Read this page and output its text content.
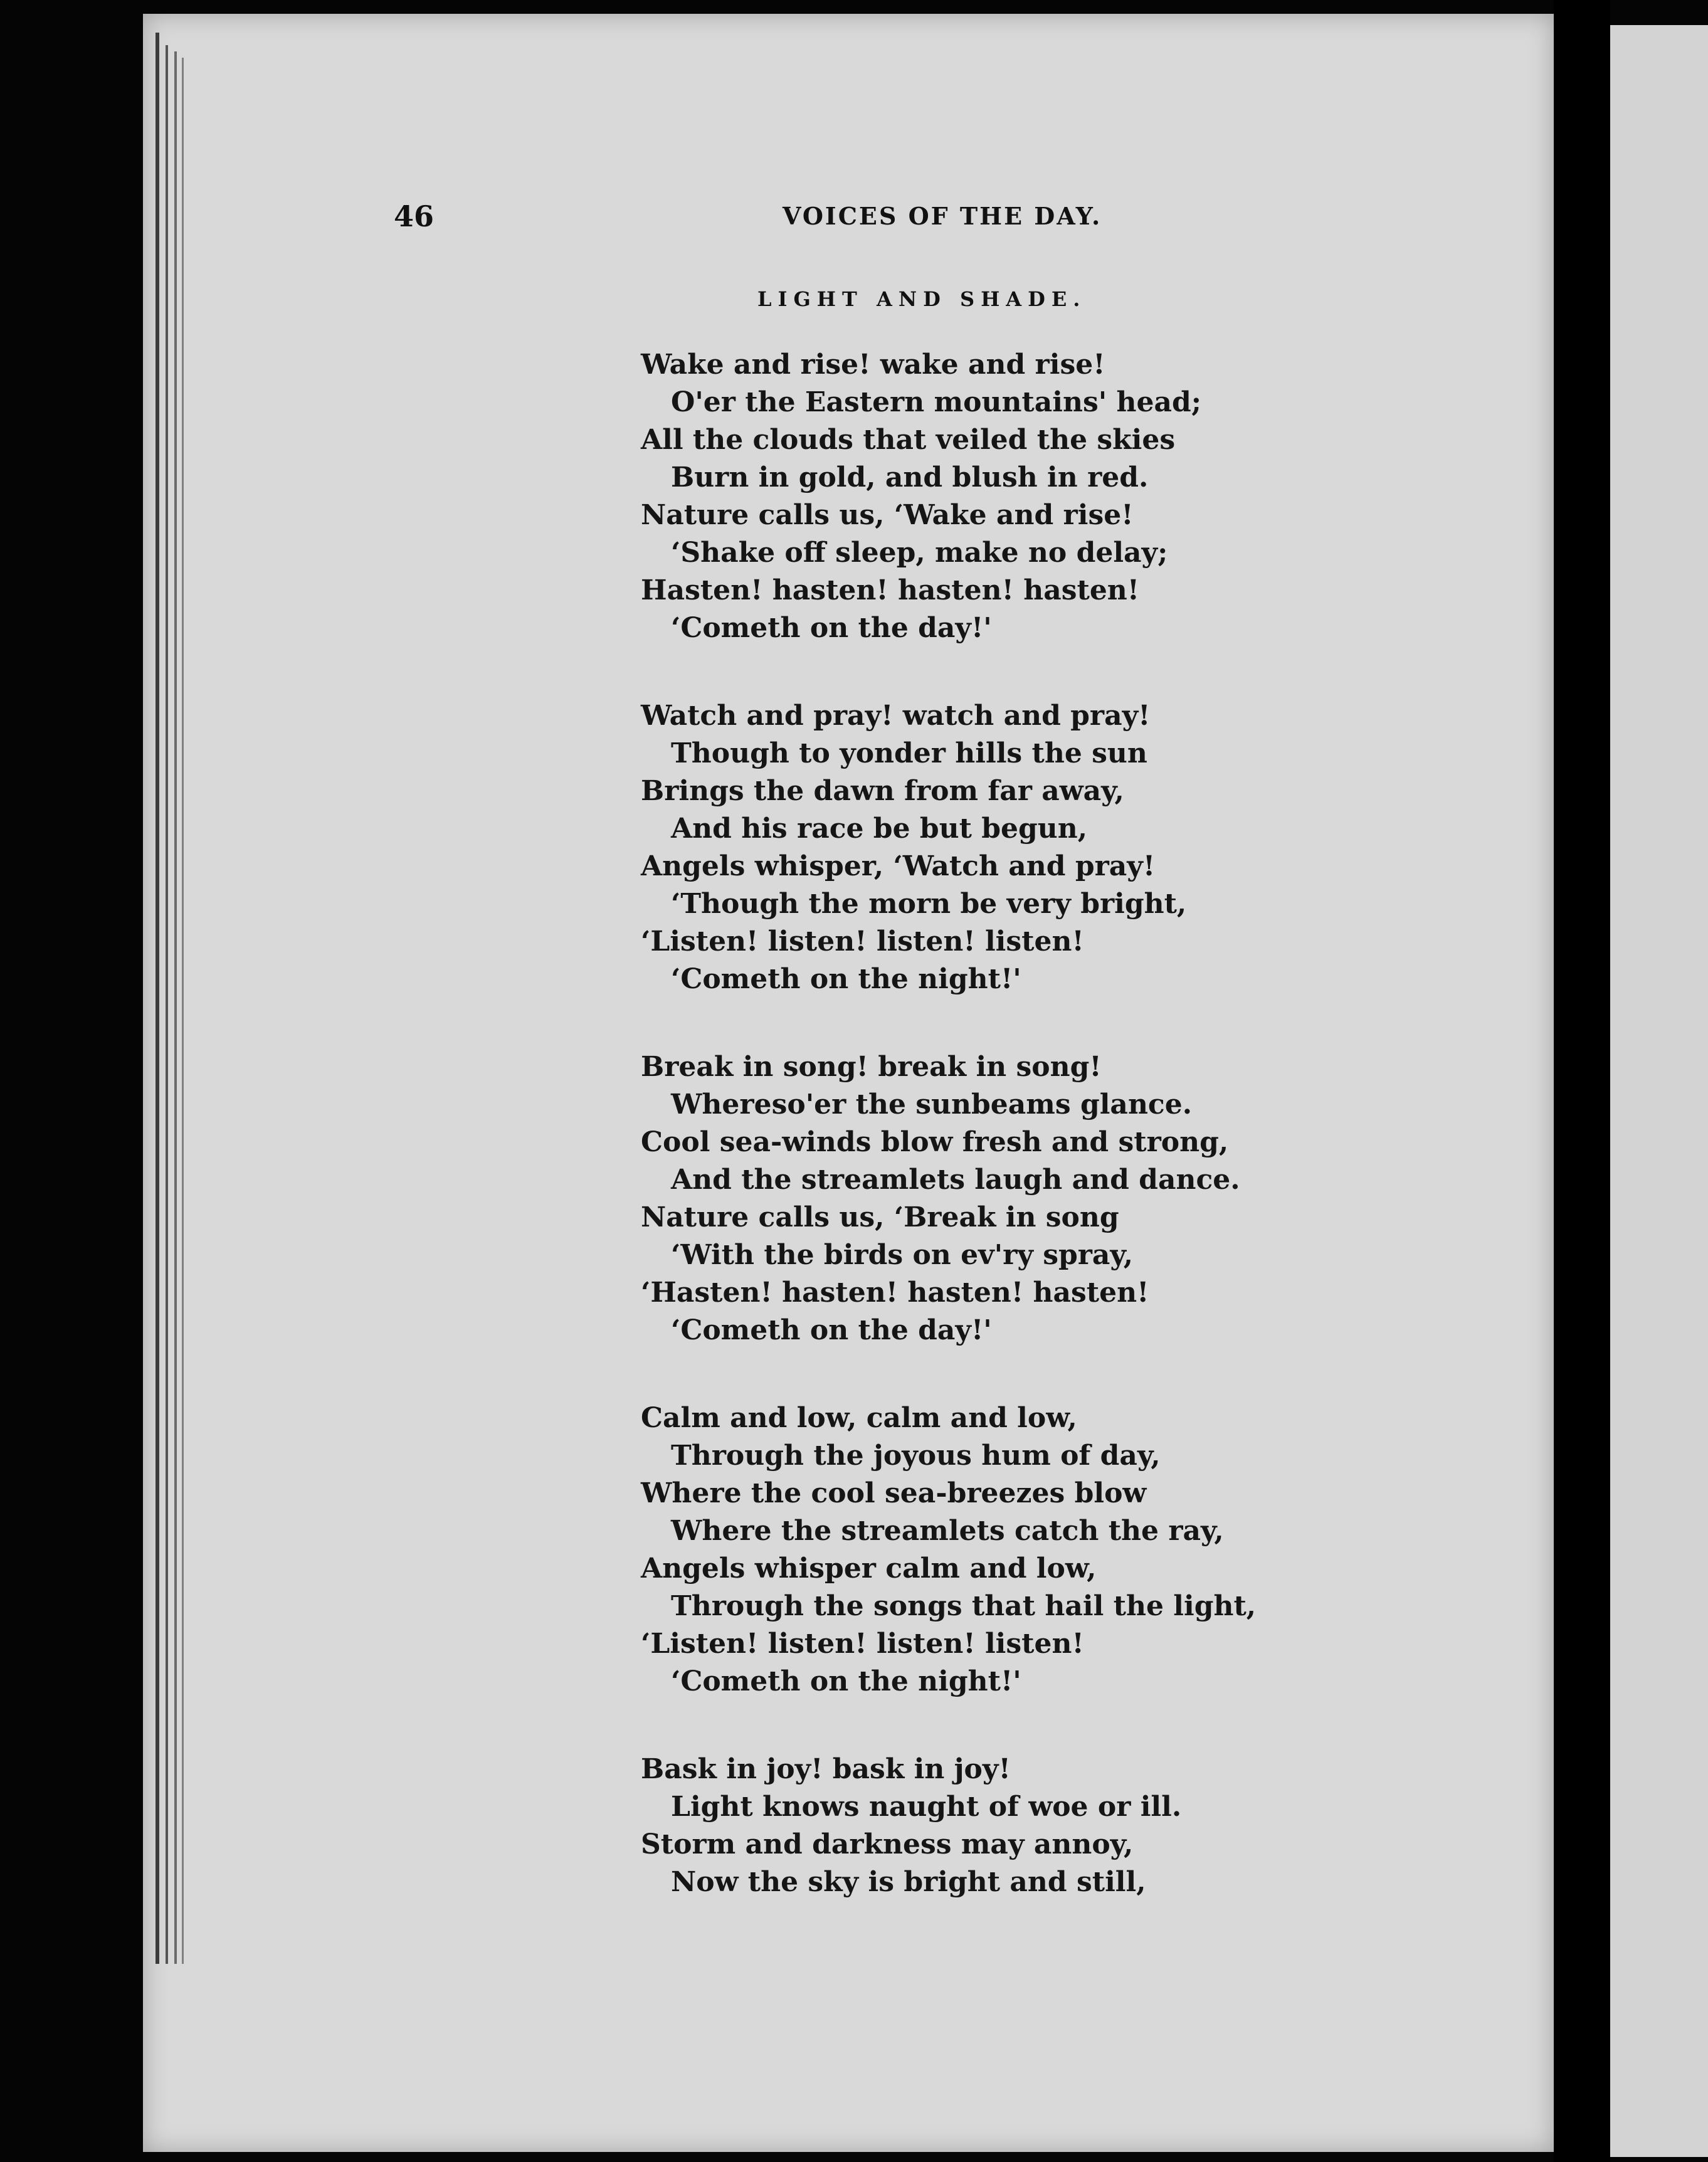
46	VOICES OF THE DAY.
LIGHT AND SHADE.
Wake and rise! wake and rise!
O'er the Eastern mountains' head;
All the clouds that veiled the skies
Burn in gold, and blush in red.
Nature calls us, ‘Wake and rise!
‘Shake off sleep, make no delay;
Hasten! hasten! hasten! hasten!
‘Cometh on the day!'
Watch and pray! watch and pray!
Though to yonder hills the sun
Brings the dawn from far away,
And his race be but begun,
Angels whisper, ‘Watch and pray!
‘Though the morn be very bright,
‘Listen! listen! listen! listen!
‘Cometh on the night!'
Break in song! break in song!
Whereso'er the sunbeams glance.
Cool sea-winds blow fresh and strong,
And the streamlets laugh and dance.
Nature calls us, ‘Break in song
‘With the birds on ev'ry spray,
‘Hasten! hasten! hasten! hasten!
‘Cometh on the day!'
Calm and low, calm and low,
Through the joyous hum of day,
Where the cool sea-breezes blow
Where the streamlets catch the ray,
Angels whisper calm and low,
Through the songs that hail the light,
‘Listen! listen! listen! listen!
‘Cometh on the night!'
Bask in joy! bask in joy!
Light knows naught of woe or ill.
Storm and darkness may annoy,
Now the sky is bright and still,
